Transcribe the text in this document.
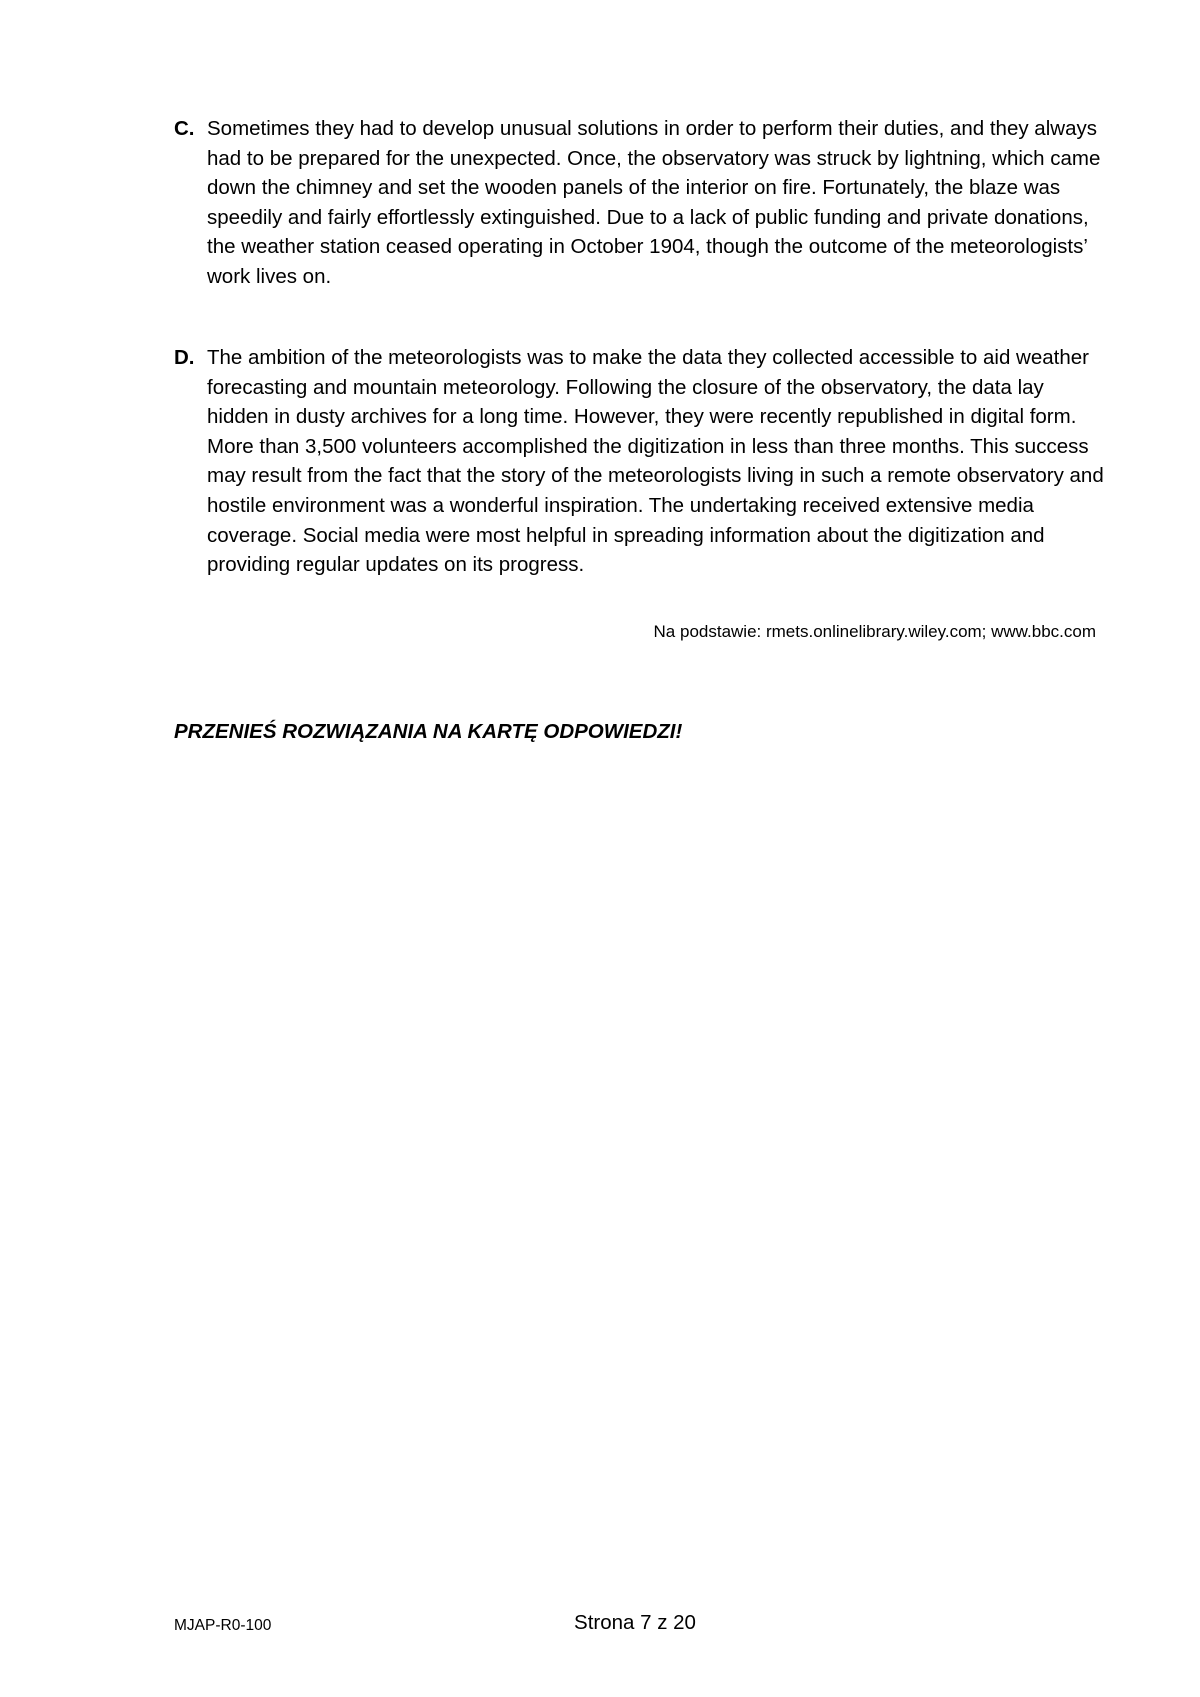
C. Sometimes they had to develop unusual solutions in order to perform their duties, and they always had to be prepared for the unexpected. Once, the observatory was struck by lightning, which came down the chimney and set the wooden panels of the interior on fire. Fortunately, the blaze was speedily and fairly effortlessly extinguished. Due to a lack of public funding and private donations, the weather station ceased operating in October 1904, though the outcome of the meteorologists’ work lives on.
D. The ambition of the meteorologists was to make the data they collected accessible to aid weather forecasting and mountain meteorology. Following the closure of the observatory, the data lay hidden in dusty archives for a long time. However, they were recently republished in digital form. More than 3,500 volunteers accomplished the digitization in less than three months. This success may result from the fact that the story of the meteorologists living in such a remote observatory and hostile environment was a wonderful inspiration. The undertaking received extensive media coverage. Social media were most helpful in spreading information about the digitization and providing regular updates on its progress.
Na podstawie: rmets.onlinelibrary.wiley.com; www.bbc.com
PRZENIEŚ ROZWIĄZANIA NA KARTĘ ODPOWIEDZI!
MJAP-R0-100	Strona 7 z 20
